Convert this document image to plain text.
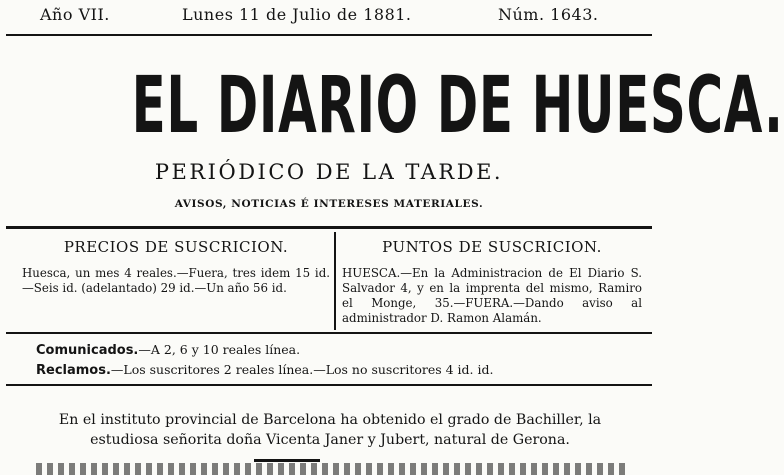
Año VII.	Lunes 11 de Julio de 1881.	Núm. 1643.
EL DIARIO DE HUESCA.
PERIÓDICO DE LA TARDE.
AVISOS, NOTICIAS É INTERESES MATERIALES.
PRECIOS DE SUSCRICION.
Huesca, un mes 4 reales.—Fuera, tres idem 15 id.—Seis id. (adelantado) 29 id.—Un año 56 id.
PUNTOS DE SUSCRICION.
HUESCA.—En la Administracion de El Diario S. Salvador 4, y en la imprenta del mismo, Ramiro el Monge, 35.—FUERA.—Dando aviso al administrador D. Ramon Alamán.
Comunicados.—A 2, 6 y 10 reales línea.
Reclamos.—Los suscritores 2 reales línea.—Los no suscritores 4 id. id.
En el instituto provincial de Barcelona ha obtenido el grado de Bachiller, la estudiosa señorita doña Vicenta Janer y Jubert, natural de Gerona.
